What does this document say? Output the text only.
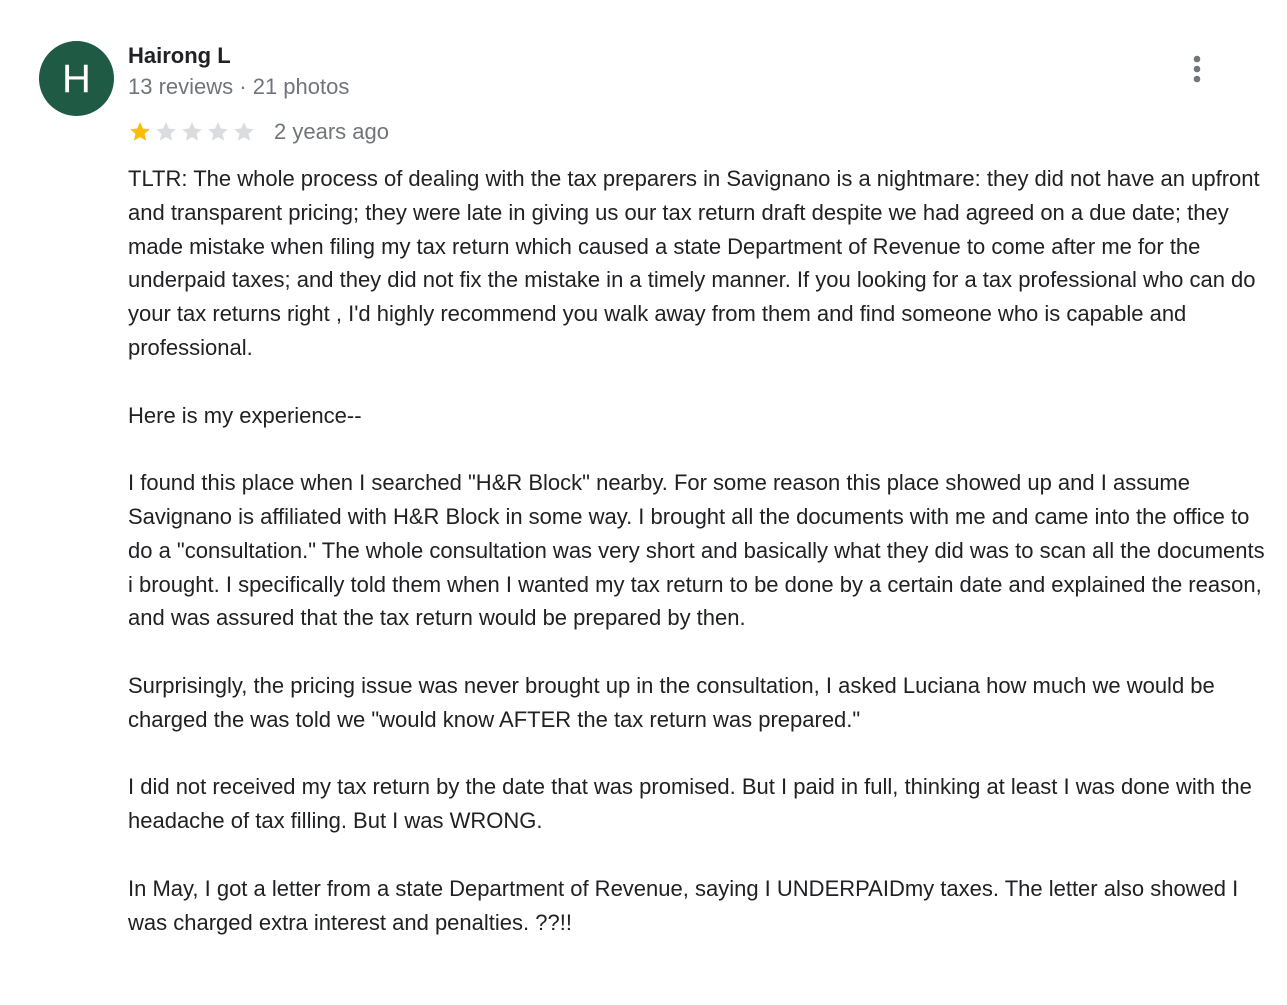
H
Hairong L
13 reviews · 21 photos
2 years ago

TLTR: The whole process of dealing with the tax preparers in Savignano is a nightmare: they did not have an upfront and transparent pricing; they were late in giving us our tax return draft despite we had agreed on a due date; they made mistake when filing my tax return which caused a state Department of Revenue to come after me for the underpaid taxes; and they did not fix the mistake in a timely manner. If you looking for a tax professional who can do your tax returns right , I'd highly recommend you walk away from them and find someone who is capable and professional.

Here is my experience--

I found this place when I searched "H&R Block" nearby. For some reason this place showed up and I assume Savignano is affiliated with H&R Block in some way. I brought all the documents with me and came into the office to do a "consultation." The whole consultation was very short and basically what they did was to scan all the documents i brought. I specifically told them when I wanted my tax return to be done by a certain date and explained the reason, and was assured that the tax return would be prepared by then.

Surprisingly, the pricing issue was never brought up in the consultation, I asked Luciana how much we would be charged the was told we "would know AFTER the tax return was prepared."

I did not received my tax return by the date that was promised. But I paid in full, thinking at least I was done with the headache of tax filling. But I was WRONG.

In May, I got a letter from a state Department of Revenue, saying I UNDERPAIDmy taxes. The letter also showed I was charged extra interest and penalties. ??!!
